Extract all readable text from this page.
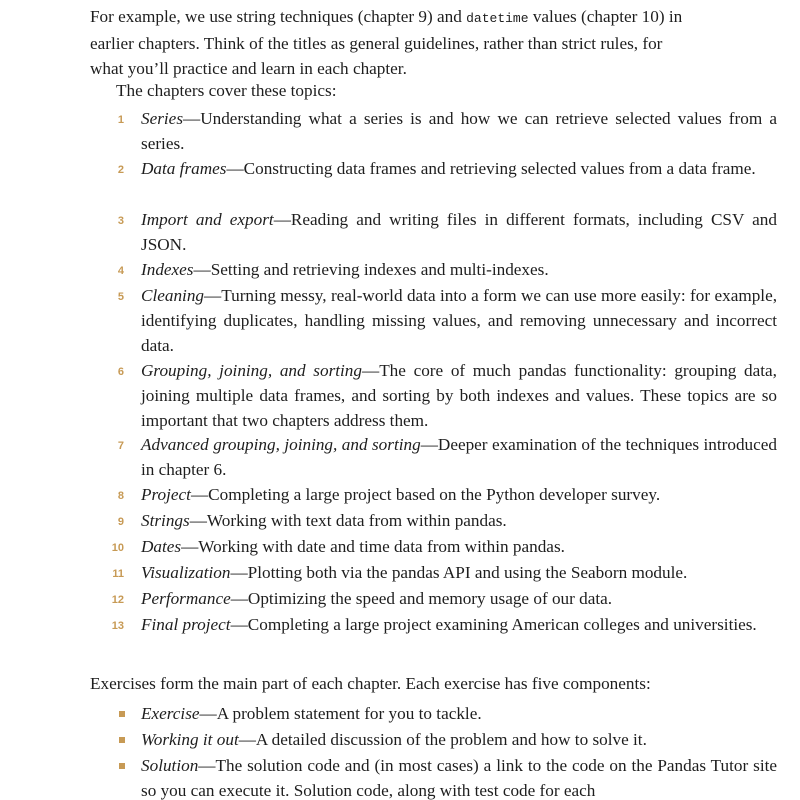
For example, we use string techniques (chapter 9) and datetime values (chapter 10) in
earlier chapters. Think of the titles as general guidelines, rather than strict rules, for
what you’ll practice and learn in each chapter.

The chapters cover these topics:

1 Series—Understanding what a series is and how we can retrieve selected values from a series.

2 Data frames—Constructing data frames and retrieving selected values from a data frame.

3 Import and export—Reading and writing files in different formats, including CSV and JSON.

4 Indexes—Setting and retrieving indexes and multi-indexes.

5 Cleaning—Turning messy, real-world data into a form we can use more easily: for example, identifying duplicates, handling missing values, and removing unnecessary and incorrect data.

6 Grouping, joining, and sorting—The core of much pandas functionality: grouping data, joining multiple data frames, and sorting by both indexes and values. These topics are so important that two chapters address them.

7 Advanced grouping, joining, and sorting—Deeper examination of the techniques introduced in chapter 6.

8 Project—Completing a large project based on the Python developer survey.

9 Strings—Working with text data from within pandas.

10 Dates—Working with date and time data from within pandas.

11 Visualization—Plotting both via the pandas API and using the Seaborn module.

12 Performance—Optimizing the speed and memory usage of our data.

13 Final project—Completing a large project examining American colleges and universities.

Exercises form the main part of each chapter. Each exercise has five components:

Exercise—A problem statement for you to tackle.

Working it out—A detailed discussion of the problem and how to solve it.

Solution—The solution code and (in most cases) a link to the code on the Pandas Tutor site so you can execute it. Solution code, along with test code for each
